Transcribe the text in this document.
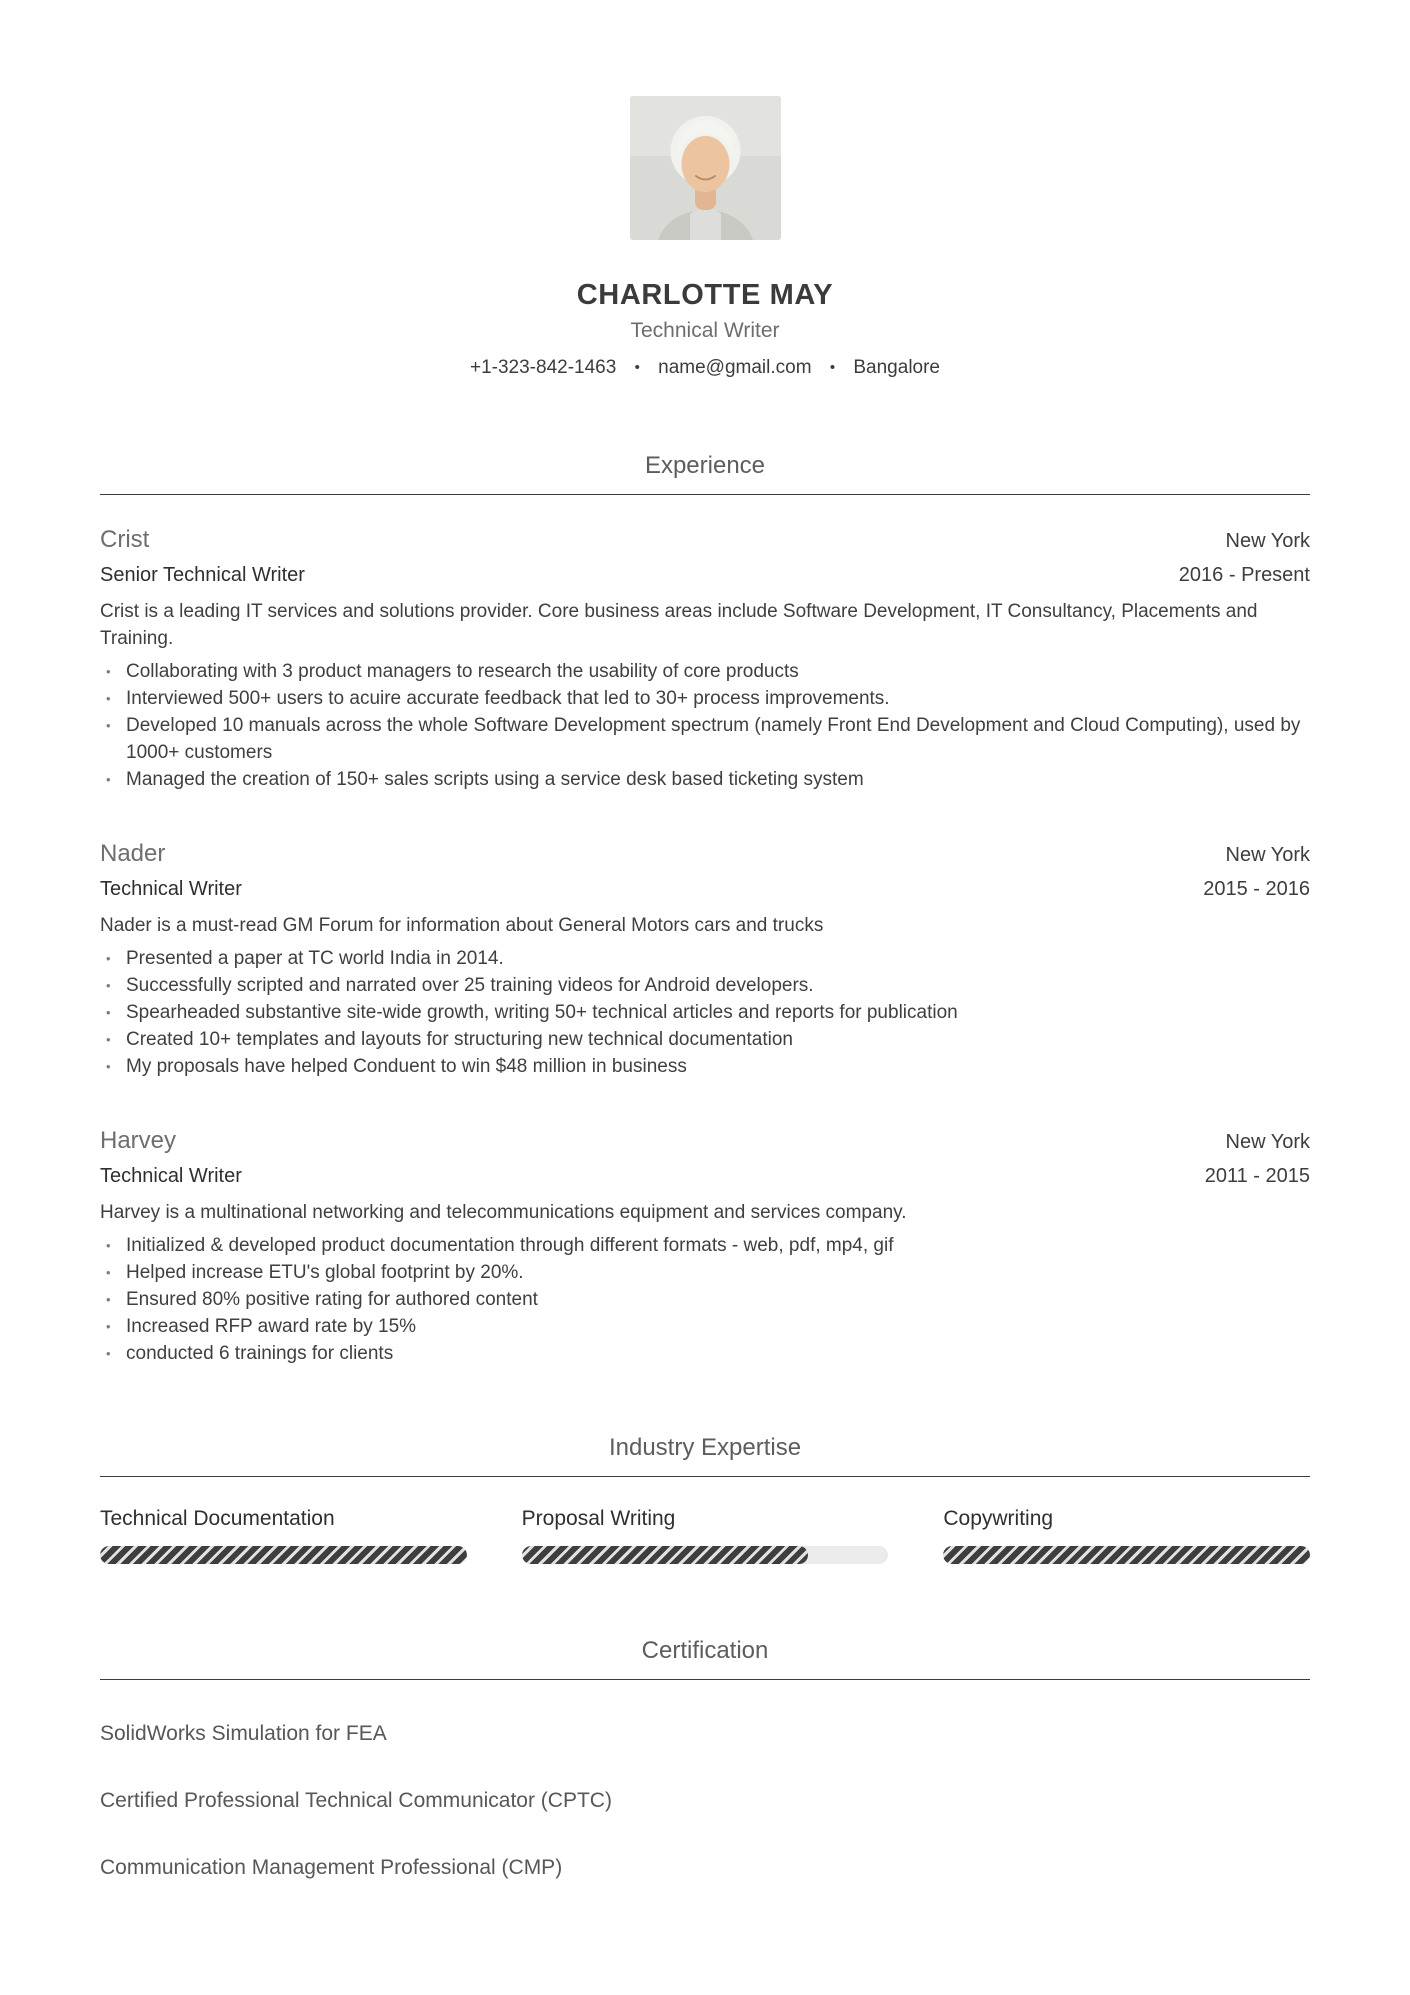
CHARLOTTE MAY
Technical Writer
+1-323-842-1463 • name@gmail.com • Bangalore
Experience
Crist	New York
Senior Technical Writer	2016 - Present

Crist is a leading IT services and solutions provider. Core business areas include Software Development, IT Consultancy, Placements and Training.

• Collaborating with 3 product managers to research the usability of core products
• Interviewed 500+ users to acuire accurate feedback that led to 30+ process improvements.
• Developed 10 manuals across the whole Software Development spectrum (namely Front End Development and Cloud Computing), used by 1000+ customers
• Managed the creation of 150+ sales scripts using a service desk based ticketing system
Nader	New York
Technical Writer	2015 - 2016

Nader is a must-read GM Forum for information about General Motors cars and trucks

• Presented a paper at TC world India in 2014.
• Successfully scripted and narrated over 25 training videos for Android developers.
• Spearheaded substantive site-wide growth, writing 50+ technical articles and reports for publication
• Created 10+ templates and layouts for structuring new technical documentation
• My proposals have helped Conduent to win $48 million in business
Harvey	New York
Technical Writer	2011 - 2015

Harvey is a multinational networking and telecommunications equipment and services company.

• Initialized & developed product documentation through different formats - web, pdf, mp4, gif
• Helped increase ETU's global footprint by 20%.
• Ensured 80% positive rating for authored content
• Increased RFP award rate by 15%
• conducted 6 trainings for clients
Industry Expertise
Technical Documentation	Proposal Writing	Copywriting
Certification
SolidWorks Simulation for FEA
Certified Professional Technical Communicator (CPTC)
Communication Management Professional (CMP)
